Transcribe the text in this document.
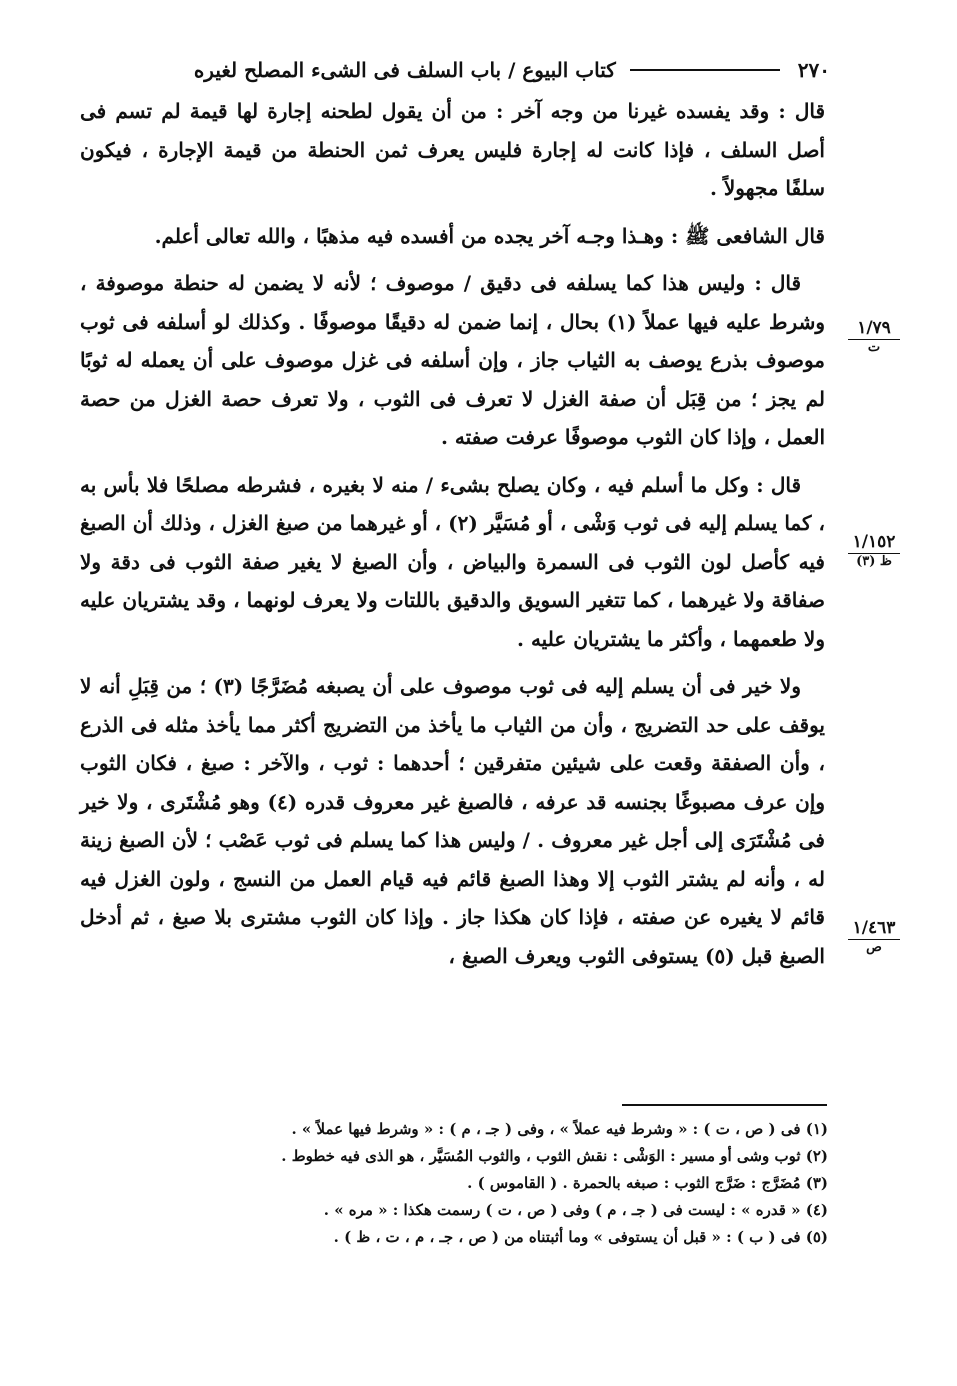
٢٧٠
كتاب البيوع / باب السلف فى الشىء المصلح لغيره

قال : وقد يفسده غيرنا من وجه آخر : من أن يقول لطحنه إجارة لها قيمة لم تسم فى أصل السلف ، فإذا كانت له إجارة فليس يعرف ثمن الحنطة من قيمة الإجارة ، فيكون سلفًا مجهولاً .

قال الشافعى ﷺ : وهـذا وجـه آخر يجده من أفسده فيه مذهبًا ، والله تعالى أعلم.

قال : وليس هذا كما يسلفه فى دقيق / موصوف ؛ لأنه لا يضمن له حنطة موصوفة ، وشرط عليه فيها عملاً (١) بحال ، إنما ضمن له دقيقًا موصوفًا . وكذلك لو أسلفه فى ثوب موصوف بذرع يوصف به الثياب جاز ، وإن أسلفه فى غزل موصوف على أن يعمله له ثوبًا لم يجز ؛ من قِبَل أن صفة الغزل لا تعرف فى الثوب ، ولا تعرف حصة الغزل من حصة العمل ، وإذا كان الثوب موصوفًا عرفت صفته .

قال : وكل ما أسلم فيه ، وكان يصلح بشىء / منه لا بغيره ، فشرطه مصلحًا فلا بأس به ، كما يسلم إليه فى ثوب وَشْى ، أو مُسَيَّر (٢) ، أو غيرهما من صبغ الغزل ، وذلك أن الصبغ فيه كأصل لون الثوب فى السمرة والبياض ، وأن الصبغ لا يغير صفة الثوب فى دقة ولا صفاقة ولا غيرهما ، كما تتغير السويق والدقيق باللتات ولا يعرف لونهما ، وقد يشتريان عليه ولا طعمهما ، وأكثر ما يشتريان عليه .

ولا خير فى أن يسلم إليه فى ثوب موصوف على أن يصبغه مُضَرَّجًا (٣) ؛ من قِبَلِ أنه لا يوقف على حد التضريج ، وأن من الثياب ما يأخذ من التضريج أكثر مما يأخذ مثله فى الذرع ، وأن الصفقة وقعت على شيئين متفرقين ؛ أحدهما : ثوب ، والآخر : صبغ ، فكان الثوب وإن عرف مصبوغًا بجنسه قد عرفه ، فالصبغ غير معروف قدره (٤) وهو مُشْتَرى ، ولا خير فى مُشْتَرَى إلى أجل غير معروف . / وليس هذا كما يسلم فى ثوب عَصْب ؛ لأن الصبغ زينة له ، وأنه لم يشتر الثوب إلا وهذا الصبغ قائم فيه قيام العمل من النسج ، ولون الغزل فيه قائم لا يغيره عن صفته ، فإذا كان هكذا جاز . وإذا كان الثوب مشترى بلا صبغ ، ثم أدخل الصبغ قبل (٥) يستوفى الثوب ويعرف الصبغ ،

١/٧٩
ت
١/١٥٢
ظ (٣)
١/٤٦٣
ص
(١) فى ( ص ، ت ) : « وشرط فيه عملاً » ، وفى ( جـ ، م ) : « وشرط فيها عملاً » .
(٢) ثوب وشى أو مسير : الوَشْى : نقش الثوب ، والثوب المُسَيَّر ، هو الذى فيه خطوط .
(٣) مُضَرَّج : ضَرَّج الثوب : صبغه بالحمرة . ( القاموس ) .
(٤) « قدره » : ليست فى ( جـ ، م ) وفى ( ص ، ت ) رسمت هكذا : « مره » .
(٥) فى ( ب ) : « قبل أن يستوفى » وما أثبتناه من ( ص ، جـ ، م ، ت ، ظ ) .
